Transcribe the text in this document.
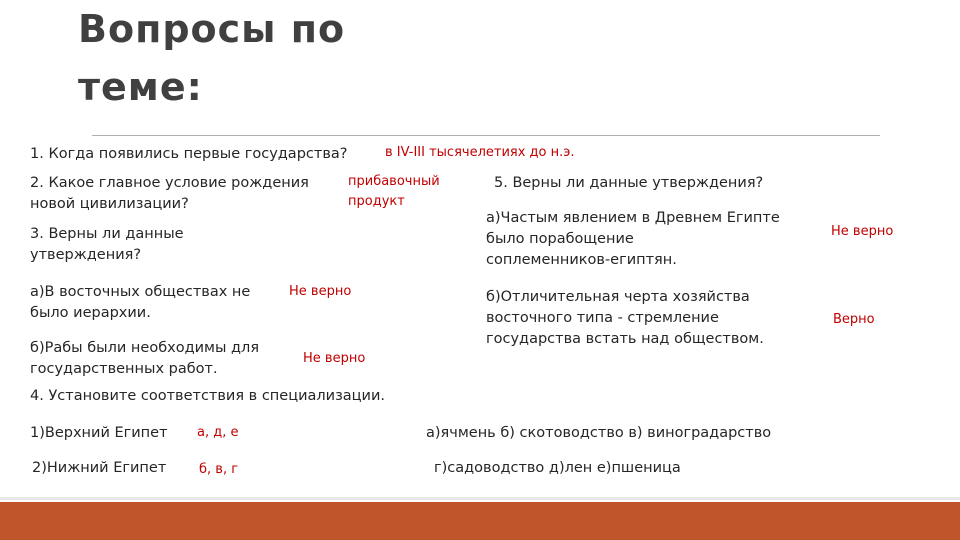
Вопросы по
теме:
1. Когда появились первые государства?	в IV-III тысячелетиях до н.э.
2. Какое главное условие рождения
новой цивилизации?
прибавочный
продукт
3. Верны ли данные
утверждения?
а)В восточных обществах не
было иерархии.
Не верно
б)Рабы были необходимы для
государственных работ.
Не верно
4. Установите соответствия в специализации.
1)Верхний Египет а, д, е	а)ячмень б) скотоводство в) виноградарство
2)Нижний Египет	б, в, г	г)садоводство д)лен е)пшеница
5. Верны ли данные утверждения?
а)Частым явлением в Древнем Египте
было порабощение
соплеменников-египтян.
Не верно
б)Отличительная черта хозяйства
восточного типа - стремление
государства встать над обществом.
Верно
